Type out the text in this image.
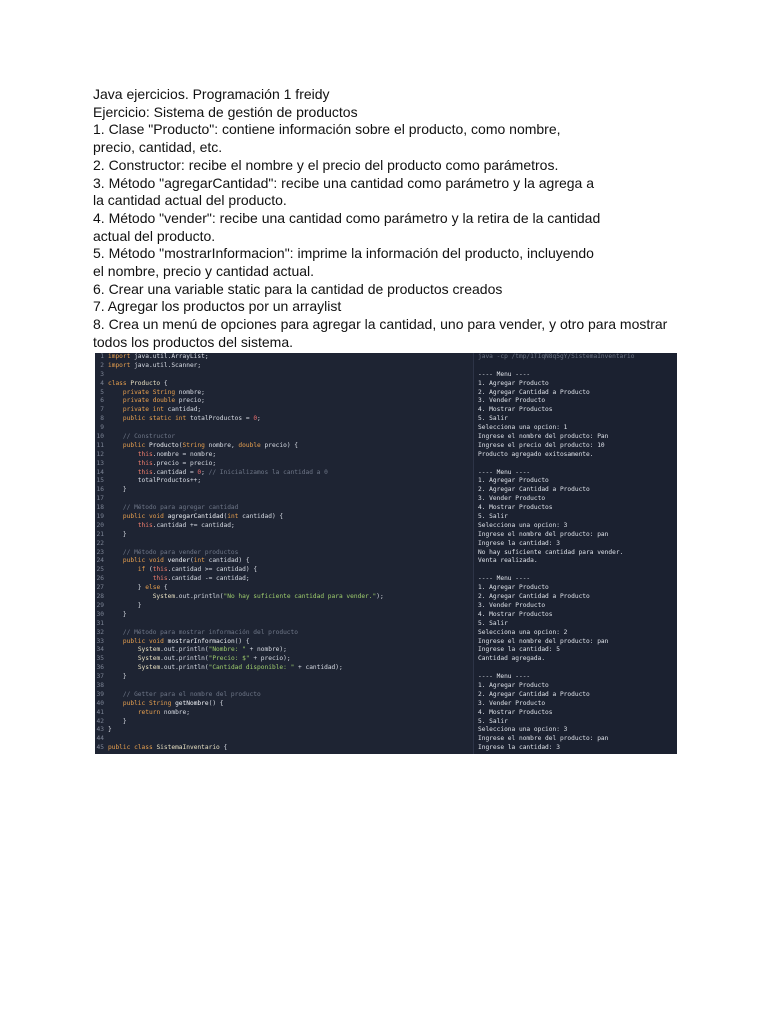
Java ejercicios. Programación 1 freidy
Ejercicio: Sistema de gestión de productos
1. Clase "Producto": contiene información sobre el producto, como nombre,
precio, cantidad, etc.
2. Constructor: recibe el nombre y el precio del producto como parámetros.
3. Método "agregarCantidad": recibe una cantidad como parámetro y la agrega a
la cantidad actual del producto.
4. Método "vender": recibe una cantidad como parámetro y la retira de la cantidad
actual del producto.
5. Método "mostrarInformacion": imprime la información del producto, incluyendo
el nombre, precio y cantidad actual.
6. Crear una variable static para la cantidad de productos creados
7. Agregar los productos por un arraylist
8. Crea un menú de opciones para agregar la cantidad, uno para vender, y otro para mostrar
todos los productos del sistema.
1 import java.util.ArrayList;
2 import java.util.Scanner;
3
4 class Producto {
5	private String nombre;
6	private double precio;
7	private int cantidad;
8	public static int totalProductos = 0;
9
10    // Constructor
11	public Producto(String nombre, double precio) {
12	this.nombre = nombre;
13	this.precio = precio;
14	this.cantidad = 0; // Inicializamos la cantidad a 0
15        totalProductos++;
16    }
17
18    // Método para agregar cantidad
19	public void agregarCantidad(int cantidad) {
20	this.cantidad += cantidad;
21    }
22
23    // Método para vender productos
24	public void vender(int cantidad) {
25	if (this.cantidad >= cantidad) {
26	this.cantidad -= cantidad;
27        } else {
28	System.out.println("No hay suficiente cantidad para vender.");
29        }
30    }
31
32    // Método para mostrar información del producto
33	public void mostrarInformacion() {
34	System.out.println("Nombre: " + nombre);
35	System.out.println("Precio: $" + precio);
36	System.out.println("Cantidad disponible: " + cantidad);
37    }
38
39    // Getter para el nombre del producto
40	public String getNombre() {
41	return nombre;
42    }
43 }
44
45 public class SistemaInventario {
java -cp /tmp/1TIqN8q5gY/SistemaInventario
---- Menu ----
1. Agregar Producto
2. Agregar Cantidad a Producto
3. Vender Producto
4. Mostrar Productos
5. Salir
Selecciona una opcion: 1
Ingrese el nombre del producto: Pan
Ingrese el precio del producto: 10
Producto agregado exitosamente.
---- Menu ----
1. Agregar Producto
2. Agregar Cantidad a Producto
3. Vender Producto
4. Mostrar Productos
5. Salir
Selecciona una opcion: 3
Ingrese el nombre del producto: pan
Ingrese la cantidad: 3
No hay suficiente cantidad para vender.
Venta realizada.
---- Menu ----
1. Agregar Producto
2. Agregar Cantidad a Producto
3. Vender Producto
4. Mostrar Productos
5. Salir
Selecciona una opcion: 2
Ingrese el nombre del producto: pan
Ingrese la cantidad: 5
Cantidad agregada.
---- Menu ----
1. Agregar Producto
2. Agregar Cantidad a Producto
3. Vender Producto
4. Mostrar Productos
5. Salir
Selecciona una opcion: 3
Ingrese el nombre del producto: pan
Ingrese la cantidad: 3
